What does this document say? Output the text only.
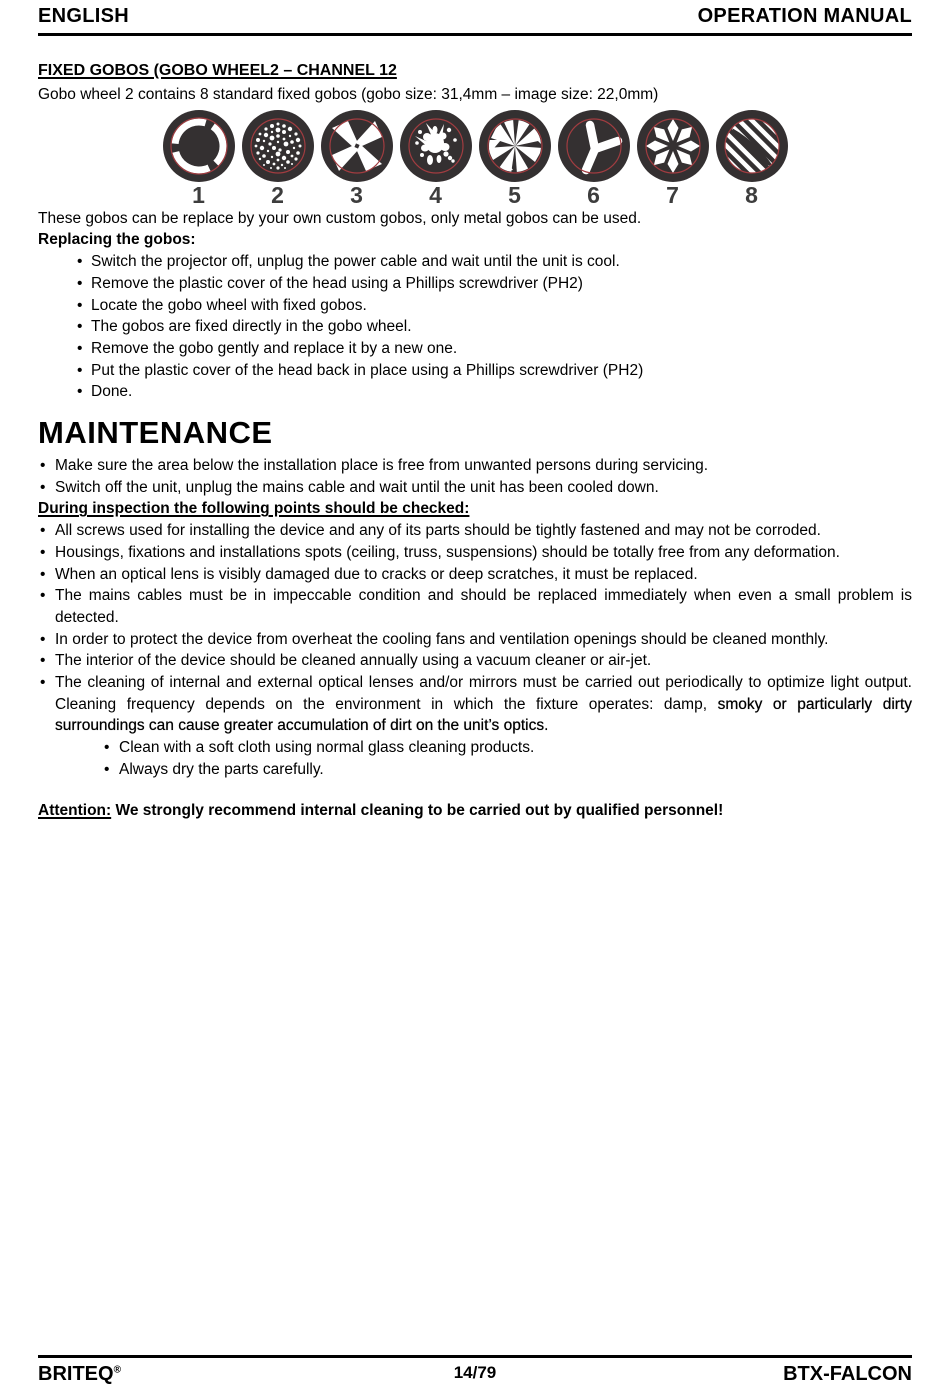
ENGLISH	OPERATION MANUAL
FIXED GOBOS (GOBO WHEEL2 – CHANNEL 12
Gobo wheel 2 contains 8 standard fixed gobos (gobo size: 31,4mm – image size: 22,0mm)
1	2	3	4	5	6	7	8
These gobos can be replace by your own custom gobos, only metal gobos can be used.
Replacing the gobos:
• Switch the projector off, unplug the power cable and wait until the unit is cool.
• Remove the plastic cover of the head using a Phillips screwdriver (PH2)
• Locate the gobo wheel with fixed gobos.
• The gobos are fixed directly in the gobo wheel.
• Remove the gobo gently and replace it by a new one.
• Put the plastic cover of the head back in place using a Phillips screwdriver (PH2)
• Done.
MAINTENANCE
• Make sure the area below the installation place is free from unwanted persons during servicing.
• Switch off the unit, unplug the mains cable and wait until the unit has been cooled down.
During inspection the following points should be checked:
• All screws used for installing the device and any of its parts should be tightly fastened and may not be corroded.
• Housings, fixations and installations spots (ceiling, truss, suspensions) should be totally free from any deformation.
• When an optical lens is visibly damaged due to cracks or deep scratches, it must be replaced.
• The mains cables must be in impeccable condition and should be replaced immediately when even a small problem is detected.
• In order to protect the device from overheat the cooling fans and ventilation openings should be cleaned monthly.
• The interior of the device should be cleaned annually using a vacuum cleaner or air-jet.
• The cleaning of internal and external optical lenses and/or mirrors must be carried out periodically to optimize light output. Cleaning frequency depends on the environment in which the fixture operates: damp, smoky or particularly dirty surroundings can cause greater accumulation of dirt on the unit’s optics.
• Clean with a soft cloth using normal glass cleaning products.
• Always dry the parts carefully.
Attention: We strongly recommend internal cleaning to be carried out by qualified personnel!
14/79
BRITEQ®	BTX-FALCON
